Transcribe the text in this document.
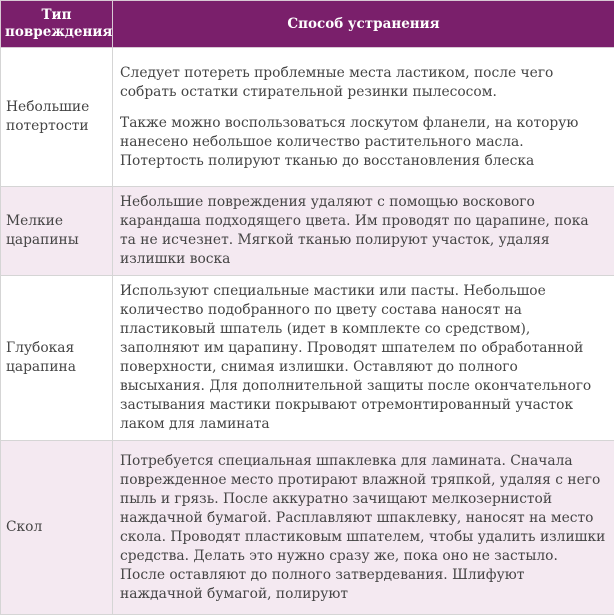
Тип повреждения	Способ устранения
Небольшие потертости	Следует потереть проблемные места ластиком, после чего собрать остатки стирательной резинки пылесосом.

Также можно воспользоваться лоскутом фланели, на которую нанесено небольшое количество растительного масла. Потертость полируют тканью до восстановления блеска

Мелкие царапины	Небольшие повреждения удаляют с помощью воскового карандаша подходящего цвета. Им проводят по царапине, пока та не исчезнет. Мягкой тканью полируют участок, удаляя излишки воска

Глубокая царапина	Используют специальные мастики или пасты. Небольшое количество подобранного по цвету состава наносят на пластиковый шпатель (идет в комплекте со средством), заполняют им царапину. Проводят шпателем по обработанной поверхности, снимая излишки. Оставляют до полного высыхания. Для дополнительной защиты после окончательного застывания мастики покрывают отремонтированный участок лаком для ламината

Скол	Потребуется специальная шпаклевка для ламината. Сначала поврежденное место протирают влажной тряпкой, удаляя с него пыль и грязь. После аккуратно зачищают мелкозернистой наждачной бумагой. Расплавляют шпаклевку, наносят на место скола. Проводят пластиковым шпателем, чтобы удалить излишки средства. Делать это нужно сразу же, пока оно не застыло. После оставляют до полного затвердевания. Шлифуют наждачной бумагой, полируют
